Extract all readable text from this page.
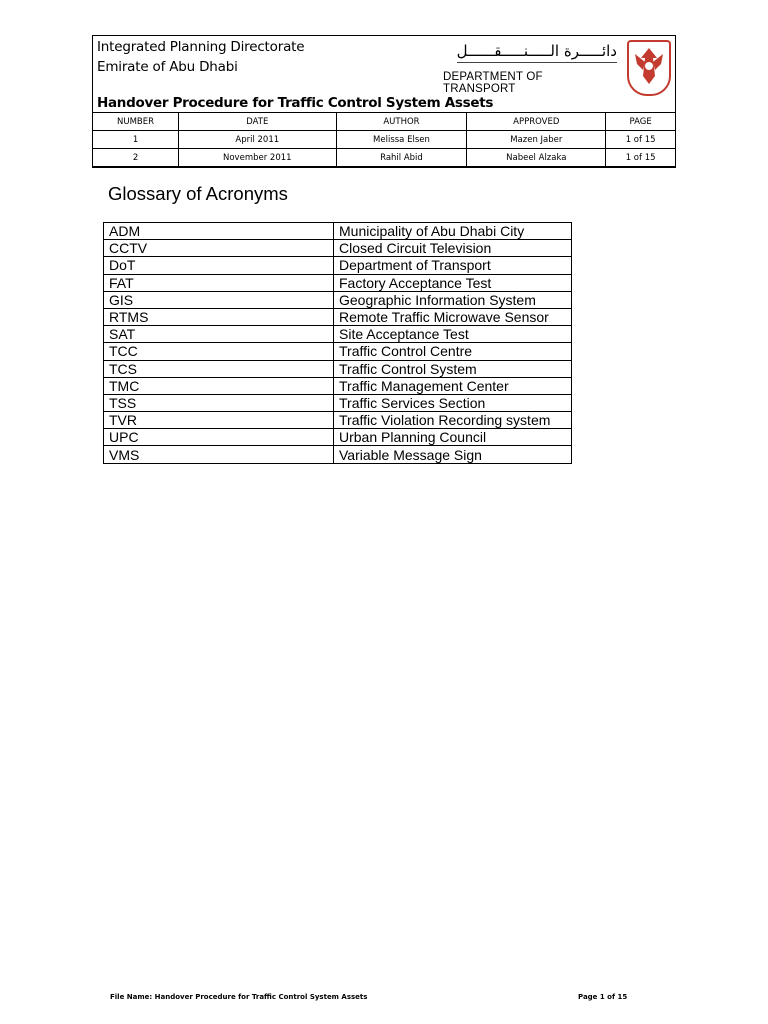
Integrated Planning Directorate
Emirate of Abu Dhabi
Handover Procedure for Traffic Control System Assets
دائـــــرة الـــــنـــــقــــــل
DEPARTMENT OF TRANSPORT
NUMBER	DATE	AUTHOR	APPROVED	PAGE
1	April 2011	Melissa Elsen	Mazen Jaber	1 of 15
2	November 2011	Rahil Abid	Nabeel Alzaka	1 of 15
Glossary of Acronyms
ADM	Municipality of Abu Dhabi City
CCTV	Closed Circuit Television
DoT	Department of Transport
FAT	Factory Acceptance Test
GIS	Geographic Information System
RTMS	Remote Traffic Microwave Sensor
SAT	Site Acceptance Test
TCC	Traffic Control Centre
TCS	Traffic Control System
TMC	Traffic Management Center
TSS	Traffic Services Section
TVR	Traffic Violation Recording system
UPC	Urban Planning Council
VMS	Variable Message Sign
File Name: Handover Procedure for Traffic Control System Assets	Page 1 of 15
